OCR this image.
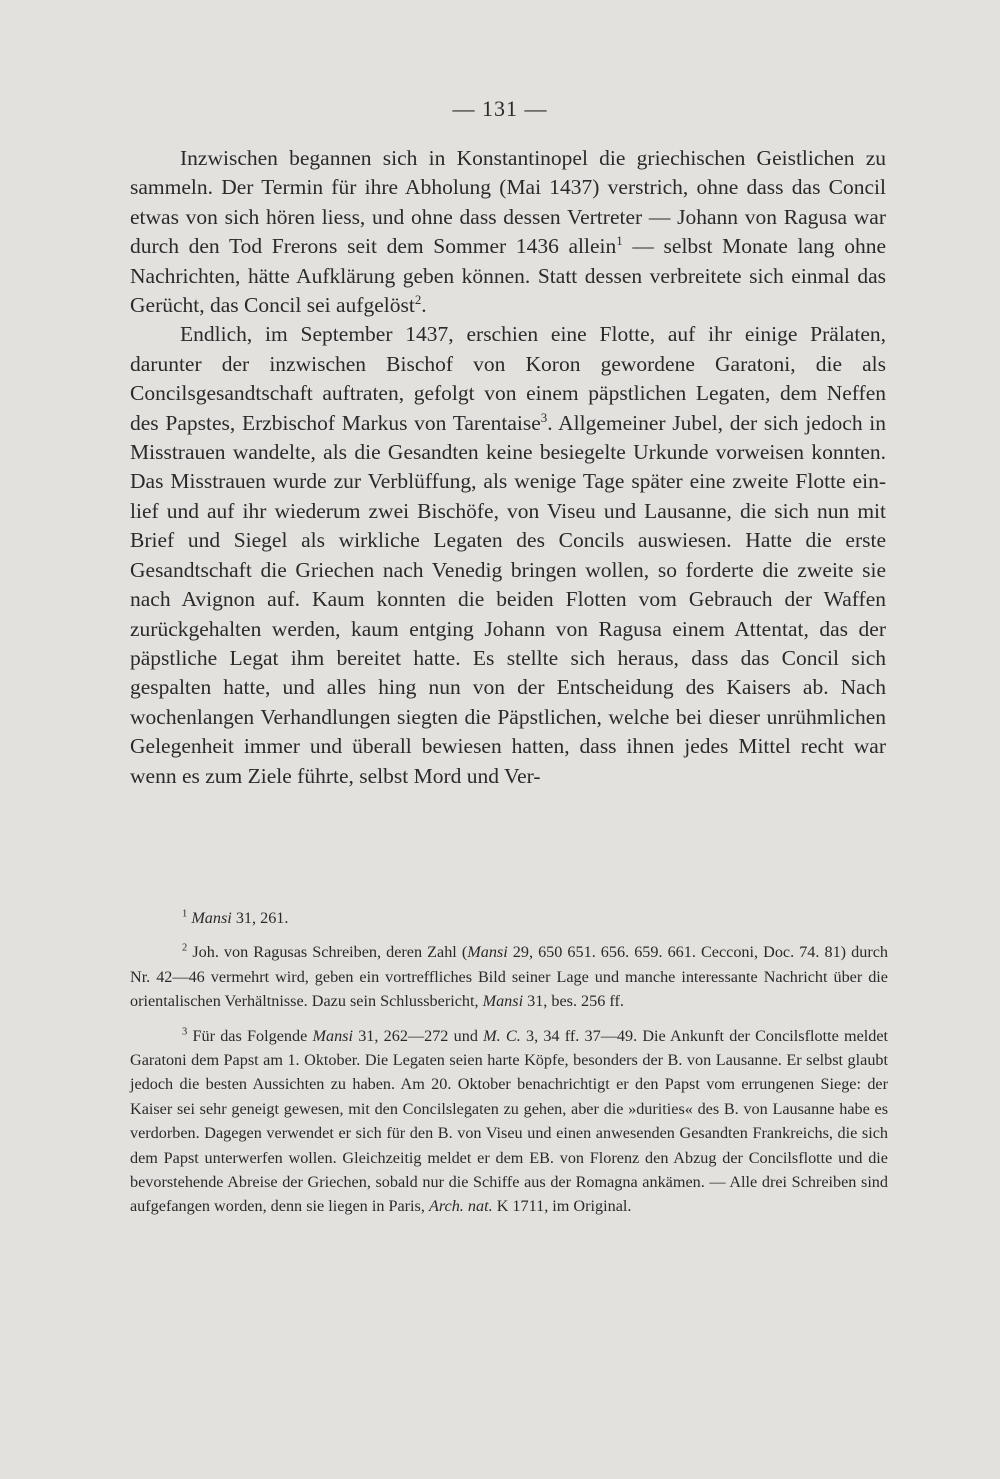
— 131 —

Inzwischen begannen sich in Konstantinopel die griechischen Geistlichen zu sammeln. Der Termin für ihre Abholung (Mai 1437) verstrich, ohne dass das Concil etwas von sich hören liess, und ohne dass dessen Vertreter — Johann von Ragusa war durch den Tod Frerons seit dem Sommer 1436 allein$^1$ — selbst Monate lang ohne Nachrichten, hätte Aufklärung geben können. Statt dessen verbreitete sich einmal das Gerücht, das Concil sei aufgelöst$^2$.

Endlich, im September 1437, erschien eine Flotte, auf ihr einige Prälaten, darunter der inzwischen Bischof von Koron gewordene Garatoni, die als Concilsgesandtschaft auftraten, gefolgt von einem päpstlichen Legaten, dem Neffen des Papstes, Erzbischof Markus von Tarentaise$^3$. Allgemeiner Jubel, der sich jedoch in Misstrauen wandelte, als die Gesandten keine besiegelte Urkunde vorweisen konnten. Das Misstrauen wurde zur Verblüffung, als wenige Tage später eine zweite Flotte einlief und auf ihr wiederum zwei Bischöfe, von Viseu und Lausanne, die sich nun mit Brief und Siegel als wirkliche Legaten des Concils auswiesen. Hatte die erste Gesandtschaft die Griechen nach Venedig bringen wollen, so forderte die zweite sie nach Avignon auf. Kaum konnten die beiden Flotten vom Gebrauch der Waffen zurückgehalten werden, kaum entging Johann von Ragusa einem Attentat, das der päpstliche Legat ihm bereitet hatte. Es stellte sich heraus, dass das Concil sich gespalten hatte, und alles hing nun von der Entscheidung des Kaisers ab. Nach wochenlangen Verhandlungen siegten die Päpstlichen, welche bei dieser unrühmlichen Gelegenheit immer und überall bewiesen hatten, dass ihnen jedes Mittel recht war wenn es zum Ziele führte, selbst Mord und Ver-

$^1$ Mansi 31, 261.

$^2$ Joh. von Ragusas Schreiben, deren Zahl (Mansi 29, 650 651. 656. 659. 661. Cecconi, Doc. 74. 81) durch Nr. 42—46 vermehrt wird, geben ein vortreffliches Bild seiner Lage und manche interessante Nachricht über die orientalischen Verhältnisse. Dazu sein Schlussbericht, Mansi 31, bes. 256 ff.

$^3$ Für das Folgende Mansi 31, 262—272 und M. C. 3, 34 ff. 37—49. Die Ankunft der Concilsflotte meldet Garatoni dem Papst am 1. Oktober. Die Legaten seien harte Köpfe, besonders der B. von Lausanne. Er selbst glaubt jedoch die besten Aussichten zu haben. Am 20. Oktober benachrichtigt er den Papst vom errungenen Siege: der Kaiser sei sehr geneigt gewesen, mit den Concilslegaten zu gehen, aber die »durities« des B. von Lausanne habe es verdorben. Dagegen verwendet er sich für den B. von Viseu und einen anwesenden Gesandten Frankreichs, die sich dem Papst unterwerfen wollen. Gleichzeitig meldet er dem EB. von Florenz den Abzug der Concilsflotte und die bevorstehende Abreise der Griechen, sobald nur die Schiffe aus der Romagna ankämen. — Alle drei Schreiben sind aufgefangen worden, denn sie liegen in Paris, Arch. nat. K 1711, im Original.
